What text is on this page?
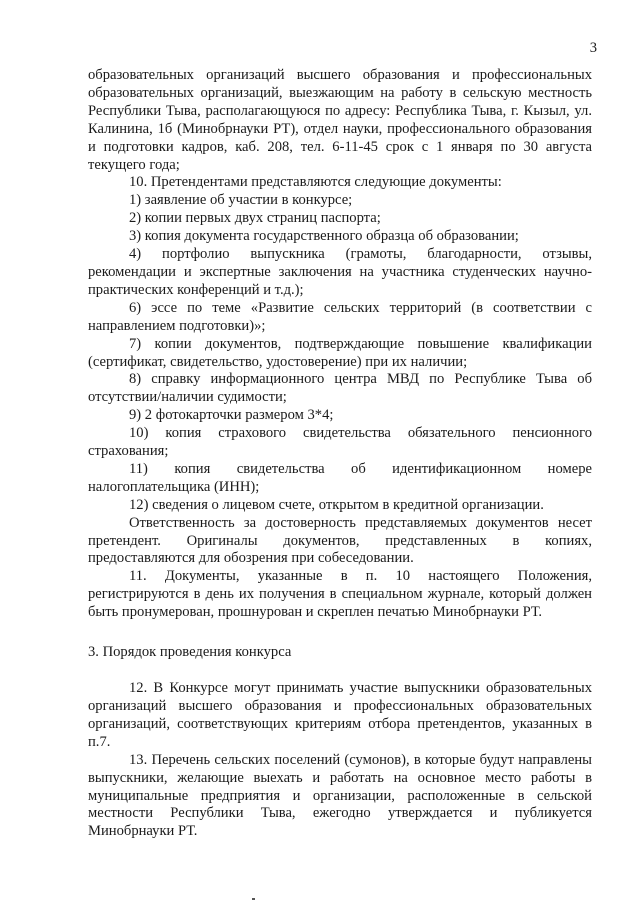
3

образовательных организаций высшего образования и профессиональных образовательных организаций, выезжающим на работу в сельскую местность Республики Тыва, располагающуюся по адресу: Республика Тыва, г. Кызыл, ул. Калинина, 1б (Минобрнауки РТ), отдел науки, профессионального образования и подготовки кадров, каб. 208, тел. 6-11-45 срок с 1 января по 30 августа текущего года;

10. Претендентами представляются следующие документы:

1) заявление об участии в конкурсе;

2) копии первых двух страниц паспорта;

3) копия документа государственного образца об образовании;

4) портфолио выпускника (грамоты, благодарности, отзывы, рекомендации и экспертные заключения на участника студенческих научно-практических конференций и т.д.);

6) эссе по теме «Развитие сельских территорий (в соответствии с направлением подготовки)»;

7) копии документов, подтверждающие повышение квалификации (сертификат, свидетельство, удостоверение) при их наличии;

8) справку информационного центра МВД по Республике Тыва об отсутствии/наличии судимости;

9) 2 фотокарточки размером 3*4;

10) копия страхового свидетельства обязательного пенсионного страхования;

11) копия свидетельства об идентификационном номере налогоплательщика (ИНН);

12) сведения о лицевом счете, открытом в кредитной организации.

Ответственность за достоверность представляемых документов несет претендент. Оригиналы документов, представленных в копиях, предоставляются для обозрения при собеседовании.

11. Документы, указанные в п. 10 настоящего Положения, регистрируются в день их получения в специальном журнале, который должен быть пронумерован, прошнурован и скреплен печатью Минобрнауки РТ.

3. Порядок проведения конкурса

12. В Конкурсе могут принимать участие выпускники образовательных организаций высшего образования и профессиональных образовательных организаций, соответствующих критериям отбора претендентов, указанных в п.7.

13. Перечень сельских поселений (сумонов), в которые будут направлены выпускники, желающие выехать и работать на основное место работы в муниципальные предприятия и организации, расположенные в сельской местности Республики Тыва, ежегодно утверждается и публикуется Минобрнауки РТ.
